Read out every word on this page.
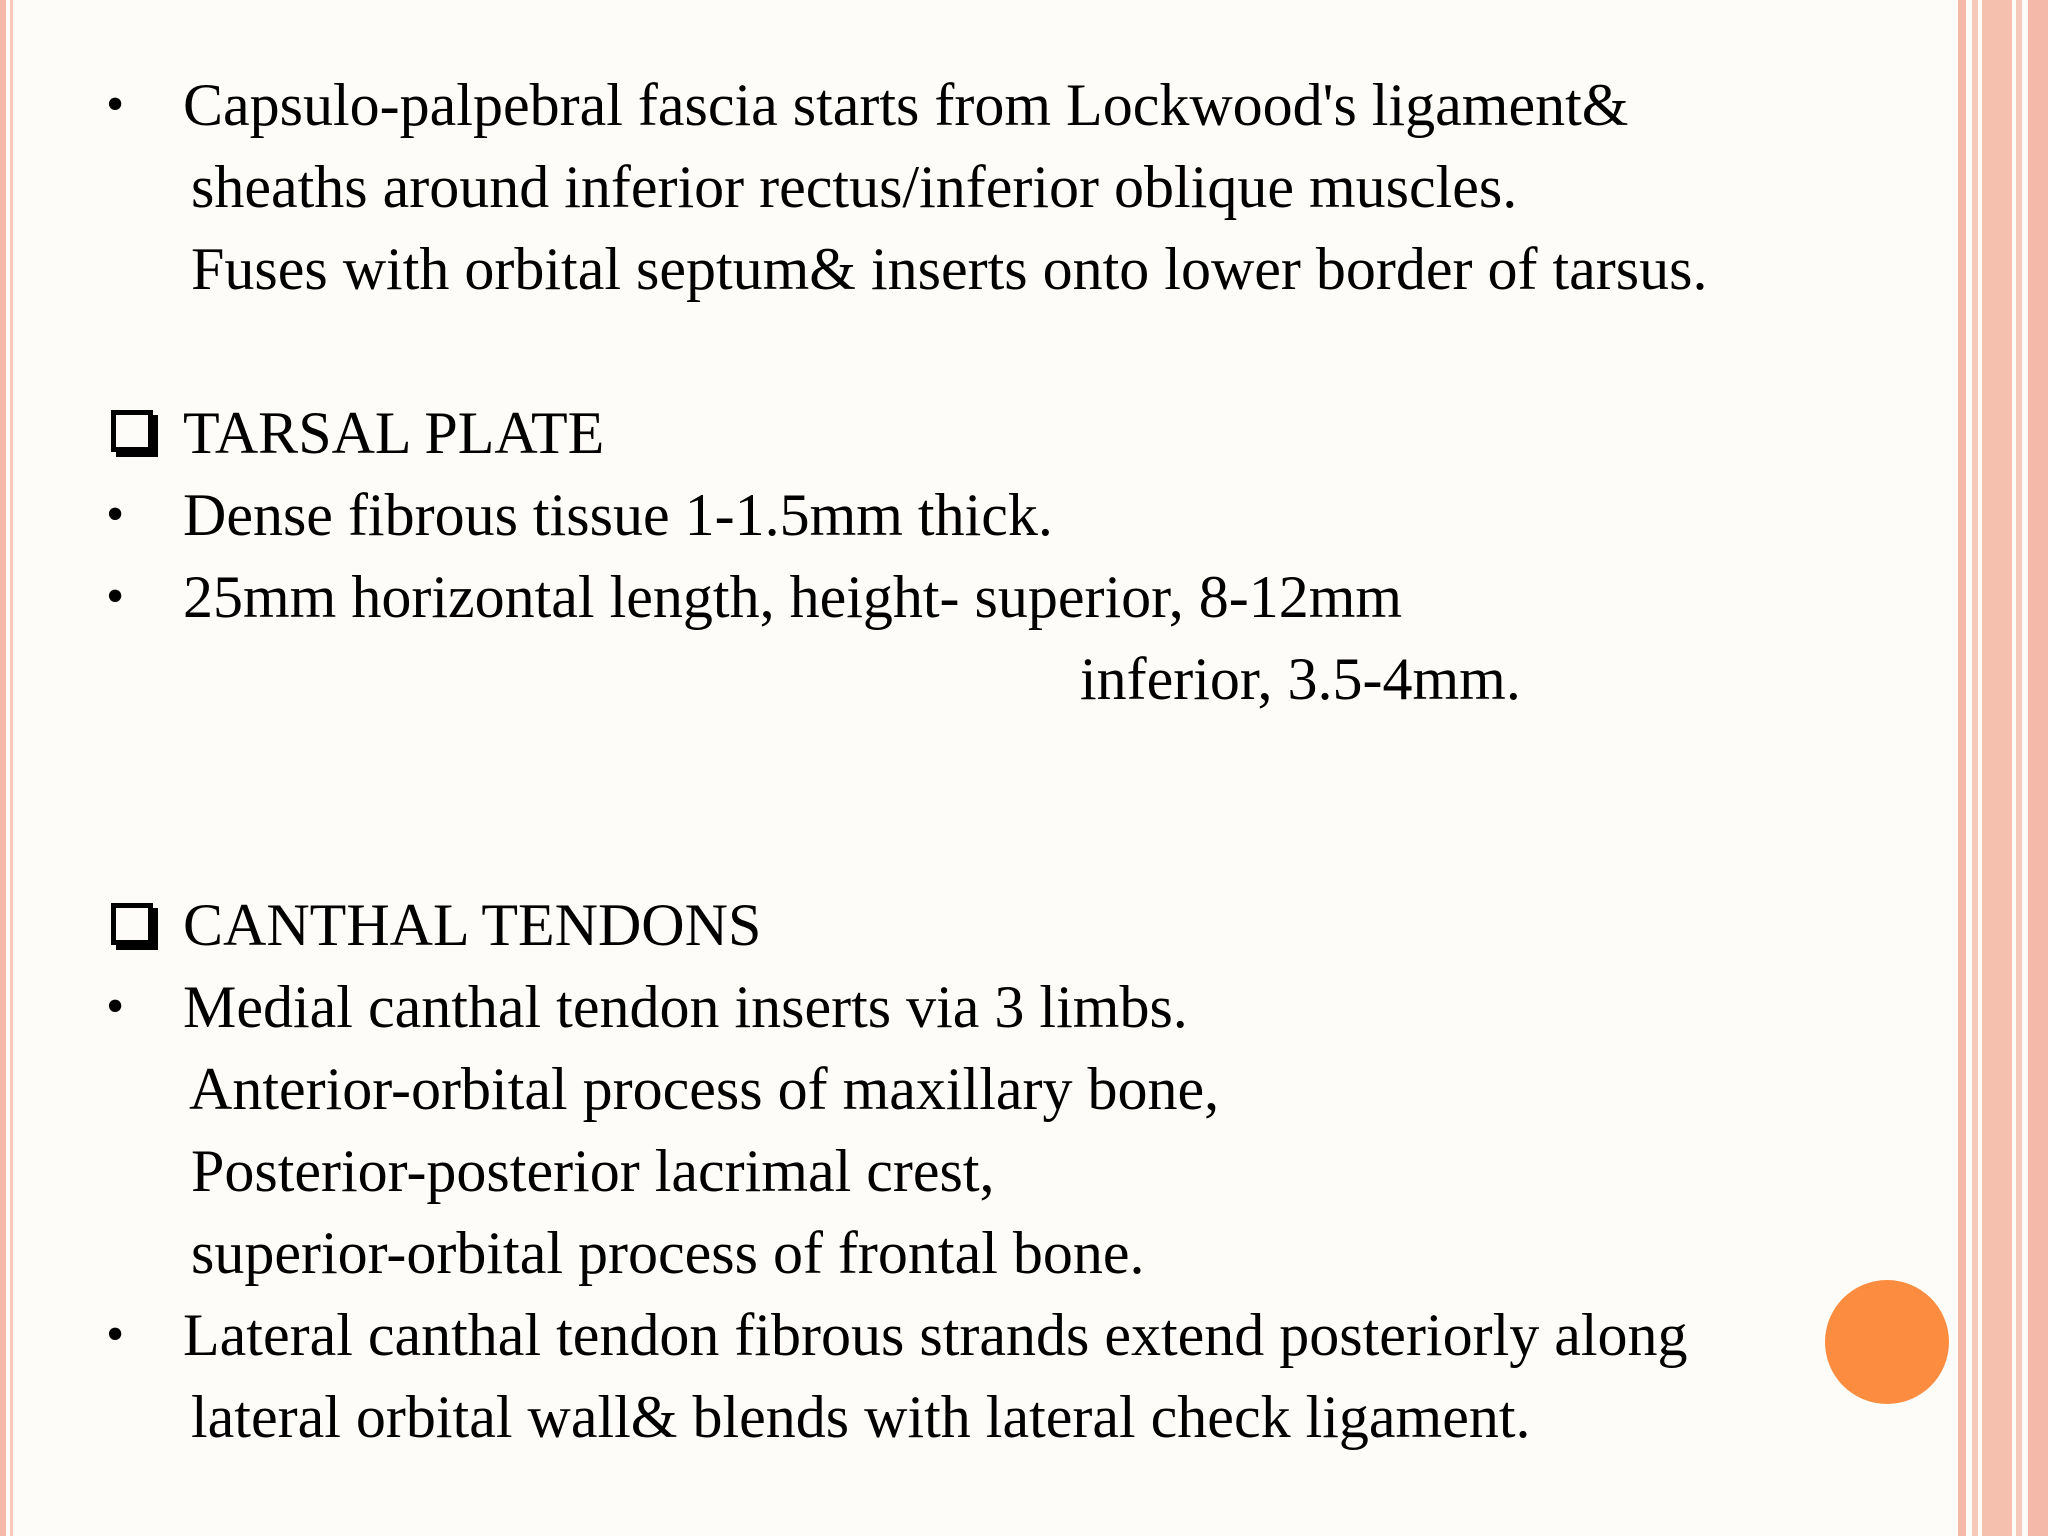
• Capsulo-palpebral fascia starts from Lockwood's ligament&
sheaths around inferior rectus/inferior oblique muscles.
Fuses with orbital septum& inserts onto lower border of tarsus.
TARSAL PLATE
• Dense fibrous tissue 1-1.5mm thick.
• 25mm horizontal length, height- superior, 8-12mm
inferior, 3.5-4mm.
CANTHAL TENDONS
• Medial canthal tendon inserts via 3 limbs.
Anterior-orbital process of maxillary bone,
Posterior-posterior lacrimal crest,
superior-orbital process of frontal bone.
• Lateral canthal tendon fibrous strands extend posteriorly along
lateral orbital wall& blends with lateral check ligament.
